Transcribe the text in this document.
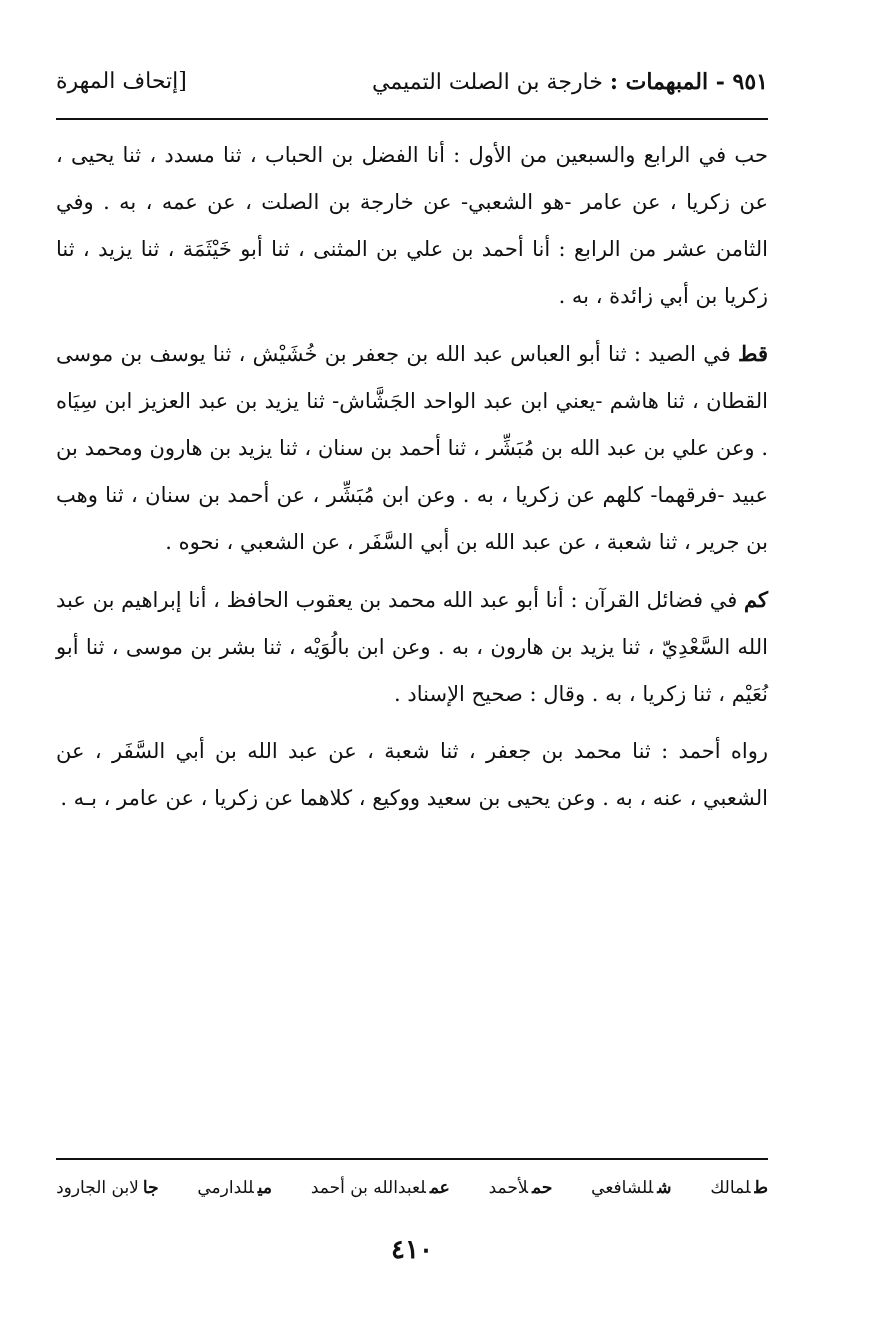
٩٥١ - المبهمات : خارجة بن الصلت التميمي
[إتحاف المهرة

حب في الرابع والسبعين من الأول : أنا الفضل بن الحباب ، ثنا مسدد ، ثنا يحيى ، عن زكريا ، عن عامر -هو الشعبي- عن خارجة بن الصلت ، عن عمه ، به . وفي الثامن عشر من الرابع : أنا أحمد بن علي بن المثنى ، ثنا أبو خَيْثَمَة ، ثنا يزيد ، ثنا زكريا بن أبي زائدة ، به .

قط في الصيد : ثنا أبو العباس عبد الله بن جعفر بن خُشَيْش ، ثنا يوسف بن موسى القطان ، ثنا هاشم -يعني ابن عبد الواحد الجَشَّاش- ثنا يزيد بن عبد العزيز ابن سِيَاه . وعن علي بن عبد الله بن مُبَشِّر ، ثنا أحمد بن سنان ، ثنا يزيد بن هارون ومحمد بن عبيد -فرقهما- كلهم عن زكريا ، به . وعن ابن مُبَشِّر ، عن أحمد بن سنان ، ثنا وهب بن جرير ، ثنا شعبة ، عن عبد الله بن أبي السَّفَر ، عن الشعبي ، نحوه .

كم في فضائل القرآن : أنا أبو عبد الله محمد بن يعقوب الحافظ ، أنا إبراهيم بن عبد الله السَّعْدِيّ ، ثنا يزيد بن هارون ، به . وعن ابن بالُوَيْه ، ثنا بشر بن موسى ، ثنا أبو نُعَيْم ، ثنا زكريا ، به . وقال : صحيح الإسناد .

رواه أحمد : ثنا محمد بن جعفر ، ثنا شعبة ، عن عبد الله بن أبي السَّفَر ، عن الشعبي ، عنه ، به . وعن يحيى بن سعيد ووكيع ، كلاهما عن زكريا ، عن عامر ، بـه .

طلمالك
شللشافعي
حملأحمد
عملعبدالله بن أحمد
ميللدارمي
جالابن الجارود
٤١٠
